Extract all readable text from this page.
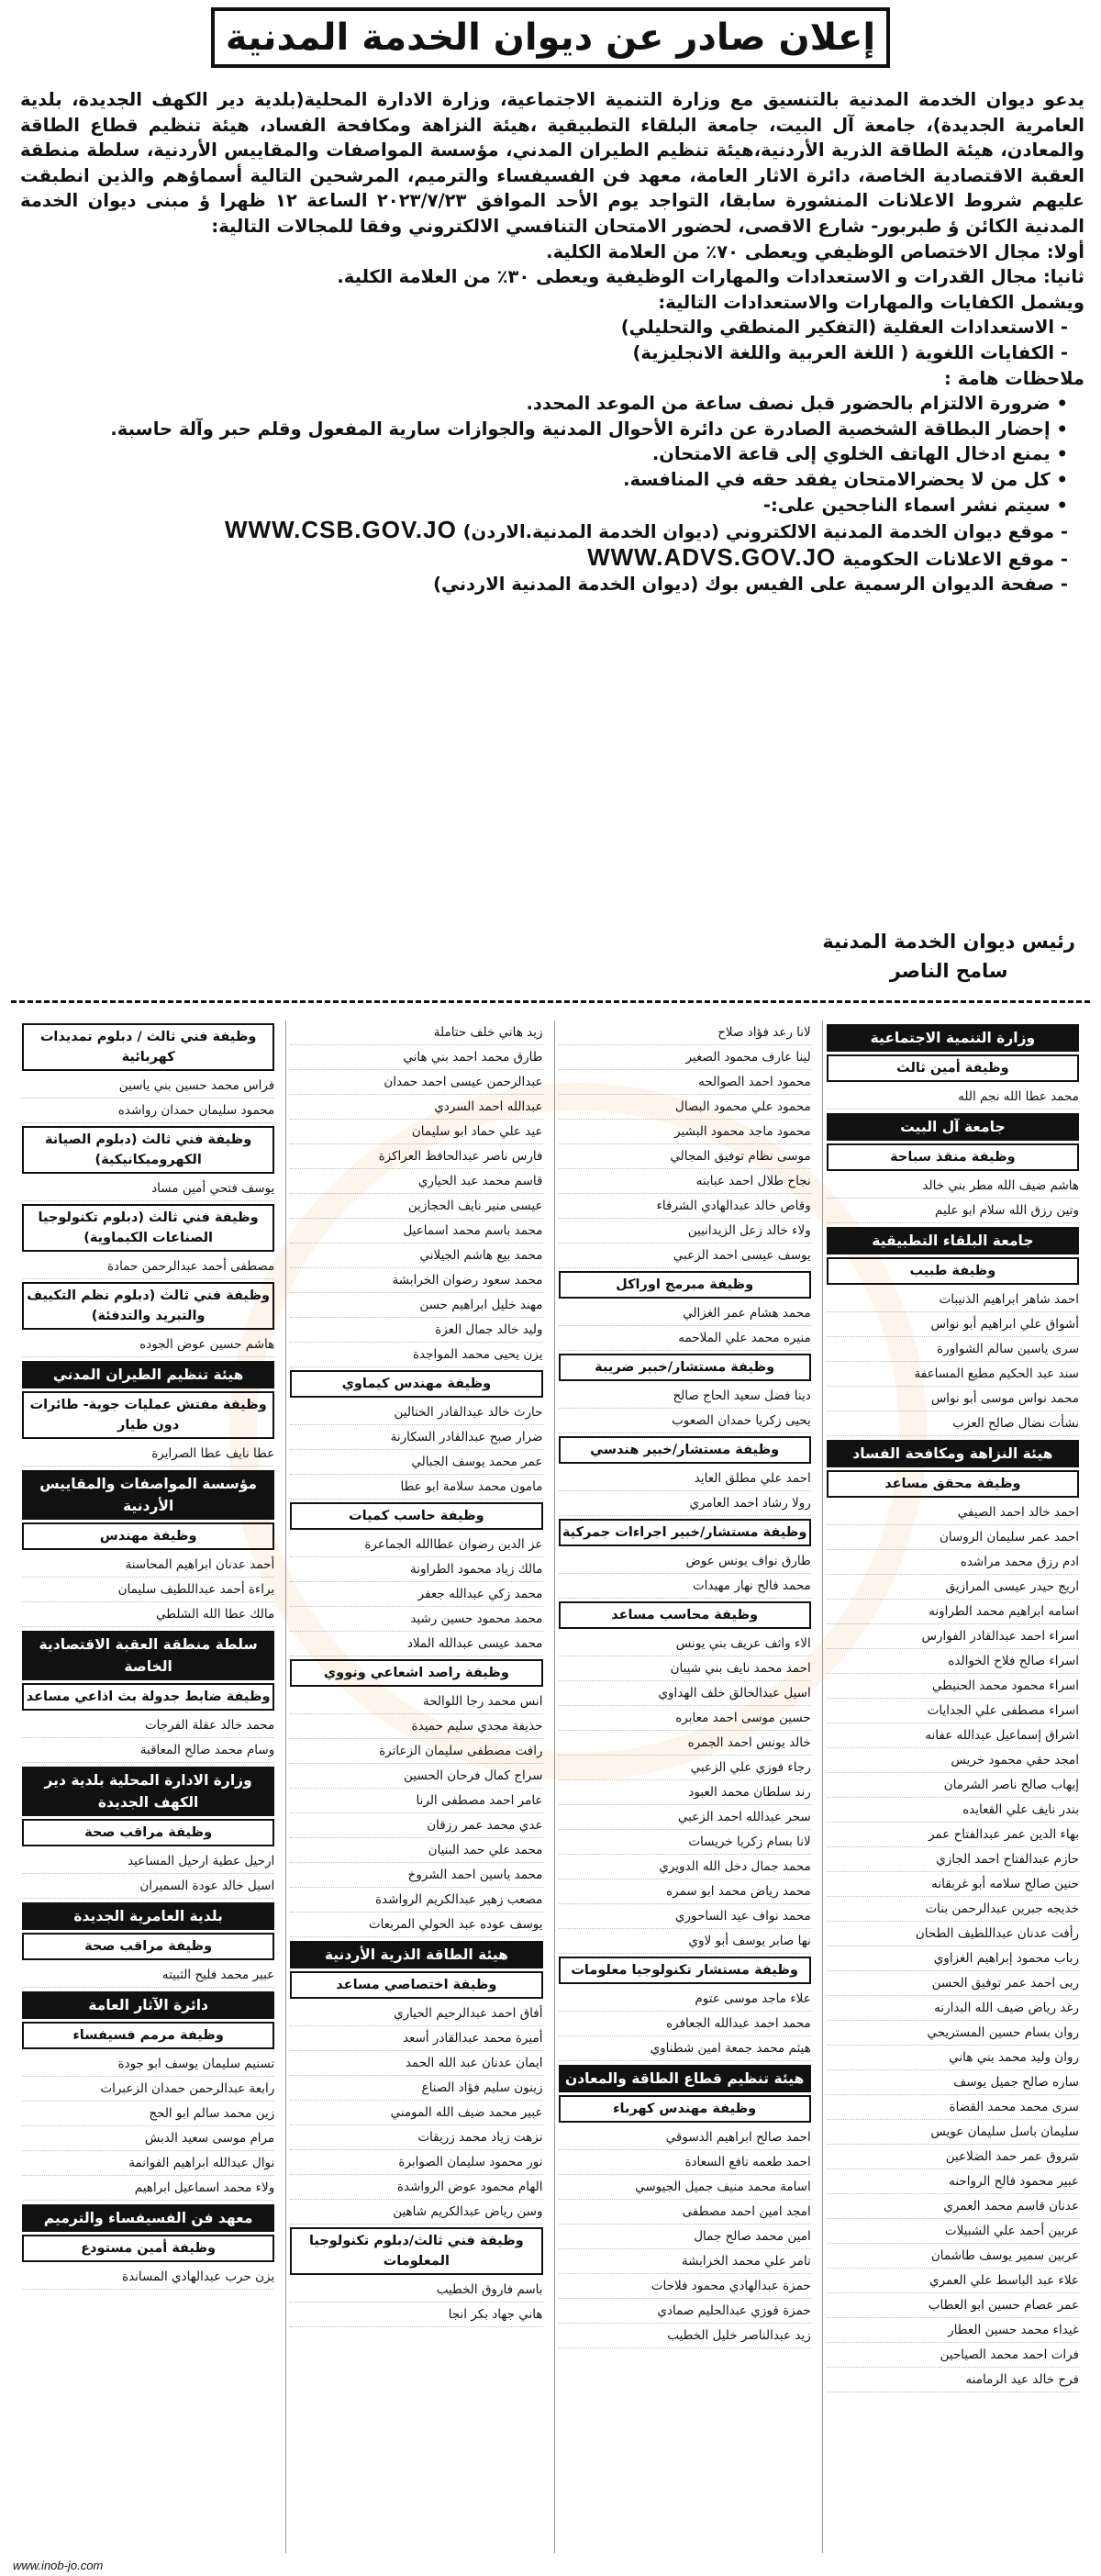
إعلان صادر عن ديوان الخدمة المدنية

يدعو ديوان الخدمة المدنية بالتنسيق مع وزارة التنمية الاجتماعية، وزارة الادارة المحلية(بلدية دير الكهف الجديدة، بلدية العامرية الجديدة)، جامعة آل البيت، جامعة البلقاء التطبيقية ،هيئة النزاهة ومكافحة الفساد، هيئة تنظيم قطاع الطاقة والمعادن، هيئة الطاقة الذرية الأردنية،هيئة تنظيم الطيران المدني، مؤسسة المواصفات والمقاييس الأردنية، سلطة منطقة العقبة الاقتصادية الخاصة، دائرة الاثار العامة، معهد فن الفسيفساء والترميم، المرشحين التالية أسماؤهم والذين انطبقت عليهم شروط الاعلانات المنشورة سابقا، التواجد يوم الأحد الموافق ٢٠٢٣/٧/٢٣ الساعة ١٢ ظهرا ؤ مبنى ديوان الخدمة المدنية الكائن ؤ طبربور- شارع الاقصى، لحضور الامتحان التنافسي الالكتروني وفقا للمجالات التالية:

أولا: مجال الاختصاص الوظيفي ويعطى ٧٠٪ من العلامة الكلية.

ثانيا: مجال القدرات و الاستعدادات والمهارات الوظيفية ويعطى ٣٠٪ من العلامة الكلية.

ويشمل الكفايات والمهارات والاستعدادات التالية:

- الاستعدادات العقلية (التفكير المنطقي والتحليلي)

- الكفايات اللغوية ( اللغة العربية واللغة الانجليزية)

ملاحظات هامة :

• ضرورة الالتزام بالحضور قبل نصف ساعة من الموعد المحدد.

• إحضار البطاقة الشخصية الصادرة عن دائرة الأحوال المدنية والجوازات سارية المفعول وقلم حبر وآلة حاسبة.

• يمنع ادخال الهاتف الخلوي إلى قاعة الامتحان.

• كل من لا يحضرالامتحان يفقد حقه في المنافسة.

• سيتم نشر اسماء الناجحين على:-

- موقع ديوان الخدمة المدنية الالكتروني (ديوان الخدمة المدنية.الاردن) WWW.CSB.GOV.JO

- موقع الاعلانات الحكومية WWW.ADVS.GOV.JO

- صفحة الديوان الرسمية على الفيس بوك (ديوان الخدمة المدنية الاردني)

رئيس ديوان الخدمة المدنية
سامح الناصر
وزارة التنمية الاجتماعية
وظيفة أمين ثالث
محمد عطا الله نجم الله
جامعة آل البيت
وظيفة منقذ سباحة
هاشم ضيف الله مطر بني خالد
وتين رزق الله سلام ابو عليم
جامعة البلقاء التطبيقية
وظيفة طبيب
احمد شاهر ابراهيم الذنيبات
أشواق علي ابراهيم أبو نواس
سرى ياسين سالم الشواورة
سند عبد الحكيم مطيع المساعفة
محمد نواس موسى أبو نواس
نشأت نضال صالح العزب
هيئة النزاهة ومكافحة الفساد
وظيفة محقق مساعد
احمد خالد احمد الصيفي
احمد عمر سليمان الروسان
ادم رزق محمد مراشده
اريج حيدر عيسى المرازيق
اسامه ابراهيم محمد الطراونه
اسراء احمد عبدالقادر الفوارس
اسراء صالح فلاح الخوالده
اسراء محمود محمد الحنيطي
اسراء مصطفى علي الجدايات
اشراق إسماعيل عبدالله عفانه
امجد حقي محمود خريس
إيهاب صالح ناصر الشرمان
بندر نايف علي القعايده
بهاء الدين عمر عبدالفتاح عمر
حازم عبدالفتاح احمد الجازي
حنين صالح سلامه أبو غربقانه
خديجه جبرين عبدالرحمن بنات
رأفت عدنان عبداللطيف الطحان
رباب محمود إبراهيم الغزاوي
ربى احمد عمر توفيق الحسن
رغد رياض ضيف الله البدارنه
روان بسام حسين المستريحي
روان وليد محمد بني هاني
ساره صالح جميل يوسف
سرى محمد محمد القضاة
سليمان باسل سليمان عويس
شروق عمر حمد الضلاعين
عبير محمود فالح الرواحنه
عدنان قاسم محمد العمري
عربين أحمد علي الشبيلات
عربين سمير يوسف طاشمان
علاء عبد الباسط علي العمري
عمر عصام حسين ابو العطاب
غيداء محمد حسين العطار
فرات احمد محمد الصياحين
فرح خالد عيد الرمامنه
لانا رعد فؤاد صلاح
لينا عارف محمود الصغير
محمود احمد الصوالحه
محمود علي محمود البصال
محمود ماجد محمود البشير
موسى نظام توفيق المجالي
نجاح طلال احمد عبابنه
وقاص خالد عبدالهادي الشرفاء
ولاء خالد زعل الزيدانيين
يوسف عيسى احمد الزعبي
وظيفة مبرمج اوراكل
محمد هشام عمر الغزالي
منيره محمد علي الملاحمه
وظيفة مستشار/خبير ضريبة
دينا فضل سعيد الحاج صالح
يحيى زكريا حمدان الصعوب
وظيفة مستشار/خبير هندسي
احمد علي مطلق العايد
رولا رشاد احمد العامري
وظيفة مستشار/خبير اجراءات جمركية
طارق نواف يونس عوض
محمد فالح نهار مهيدات
وظيفة محاسب مساعد
الاء واثف عريف بني يونس
احمد محمد نايف بني شيبان
اسيل عبدالخالق خلف الهداوي
حسين موسى احمد معابره
خالد يونس احمد الجمره
رجاء فوزي علي الزعبي
رند سلطان محمد العبود
سحر عبدالله احمد الزعبي
لانا بسام زكريا خريسات
محمد جمال دخل الله الدويري
محمد رياض محمد ابو سمره
محمد نواف عيد الساحوري
نها صابر يوسف أبو لاوي
وظيفة مستشار تكنولوجيا معلومات
علاء ماجد موسى عتوم
محمد احمد عبدالله الجعافره
هيثم محمد جمعة امين شطناوي
هيئة تنظيم قطاع الطاقة والمعادن
وظيفة مهندس كهرباء
احمد صالح ابراهيم الدسوقي
احمد طعمه نافع السعادة
اسامة محمد منيف جميل الجيوسي
امجد امين احمد مصطفى
امين محمد صالح جمال
تامر علي محمد الخرابشة
حمزة عبدالهادي محمود فلاحات
حمزة فوزي عبدالحليم صمادي
زيد عبدالناصر خليل الخطيب
زيد هاني خلف حتاملة
طارق محمد احمد بني هاني
عبدالرحمن عيسى احمد حمدان
عبدالله احمد السردي
عيد علي حماد ابو سليمان
فارس ناصر عبدالحافظ العراكزة
قاسم محمد عبد الحياري
عيسى منير نايف الحجازين
محمد باسم محمد اسماعيل
محمد بيع هاشم الجيلاني
محمد سعود رضوان الخرابشة
مهند خليل ابراهيم حسن
وليد خالد جمال العزة
يزن يحيى محمد المواجدة
وظيفة مهندس كيماوي
حارث خالد عبدالقادر الخنالين
ضرار صبح عبدالقادر السكارنة
عمر محمد يوسف الجبالي
مامون محمد سلامة ابو عطا
وظيفة حاسب كميات
عز الدين رضوان عطاالله الجماعرة
مالك زياد محمود الطراونة
محمد زكي عبدالله جعفر
محمد محمود حسين رشيد
محمد عيسى عبدالله الملاد
وظيفة راصد اشعاعي ونووي
انس محمد رجا اللوالحة
حذيفة مجدي سليم حميدة
رافت مصطفى سليمان الزعاترة
سراج كمال فرحان الحسين
عامر احمد مصطفى الرنا
عدي محمد عمر رزقان
محمد علي حمد البنيان
محمد ياسين احمد الشروخ
مصعب زهير عبدالكريم الرواشدة
يوسف عوده عبد الحولي المربعات
هيئة الطاقة الذرية الأردنية
وظيفة اختصاصي مساعد
أفاق احمد عبدالرحيم الحياري
أميرة محمد عبدالقادر أسعد
ايمان عدنان عبد الله الحمد
زينون سليم فؤاد الصناع
عبير محمد ضيف الله المومني
نزهت زياد محمد زريقات
نور محمود سليمان الصوابرة
الهام محمود عوض الرواشدة
وسن رياض عبدالكريم شاهين
وظيفة فني ثالث/دبلوم تكنولوجيا المعلومات
باسم فاروق الخطيب
هاني جهاد بكر انجا
وظيفة فني ثالث / دبلوم تمديدات كهربائية
فراس محمد حسين بني ياسين
محمود سليمان حمدان رواشده
وظيفة فني ثالث (دبلوم الصيانة الكهروميكانيكية)
يوسف فتحي أمين مساد
وظيفة فني ثالث (دبلوم تكنولوجيا الصناعات الكيماوية)
مصطفى أحمد عبدالرحمن حمادة
وظيفة فني ثالث (دبلوم نظم التكييف والتبريد والتدفئة)
هاشم حسين عوض الجوده
هيئة تنظيم الطيران المدني
وظيفة مفتش عمليات جوية- طائرات دون طيار
عطا نايف عطا الصرايرة
مؤسسة المواصفات والمقاييس الأردنية
وظيفة مهندس
أحمد عدنان ابراهيم المحاسنة
براءة أحمد عبداللطيف سليمان
مالك عطا الله الشلطي
سلطة منطقة العقبة الاقتصادية الخاصة
وظيفة ضابط جدولة بث اذاعي مساعد
محمد خالد عقلة الفرجات
وسام محمد صالح المعاقبة
وزارة الادارة المحلية بلدية دير الكهف الجديدة
وظيفة مراقب صحة
ارحيل عطية ارحيل المساعيد
اسيل خالد عودة السميران
بلدية العامرية الجديدة
وظيفة مراقب صحة
عبير محمد فليح الثبيته
دائرة الآثار العامة
وظيفة مرمم فسيفساء
تسنيم سليمان يوسف ابو جودة
رابعة عبدالرحمن حمدان الزعبرات
زين محمد سالم ابو الحج
مرام موسى سعيد الدبش
نوال عبدالله ابراهيم الفوانمة
ولاء محمد اسماعيل ابراهيم
معهد فن الفسيفساء والترميم
وظيفة أمين مستودع
يزن حرب عبدالهادي المساندة
www.inob-jo.com
